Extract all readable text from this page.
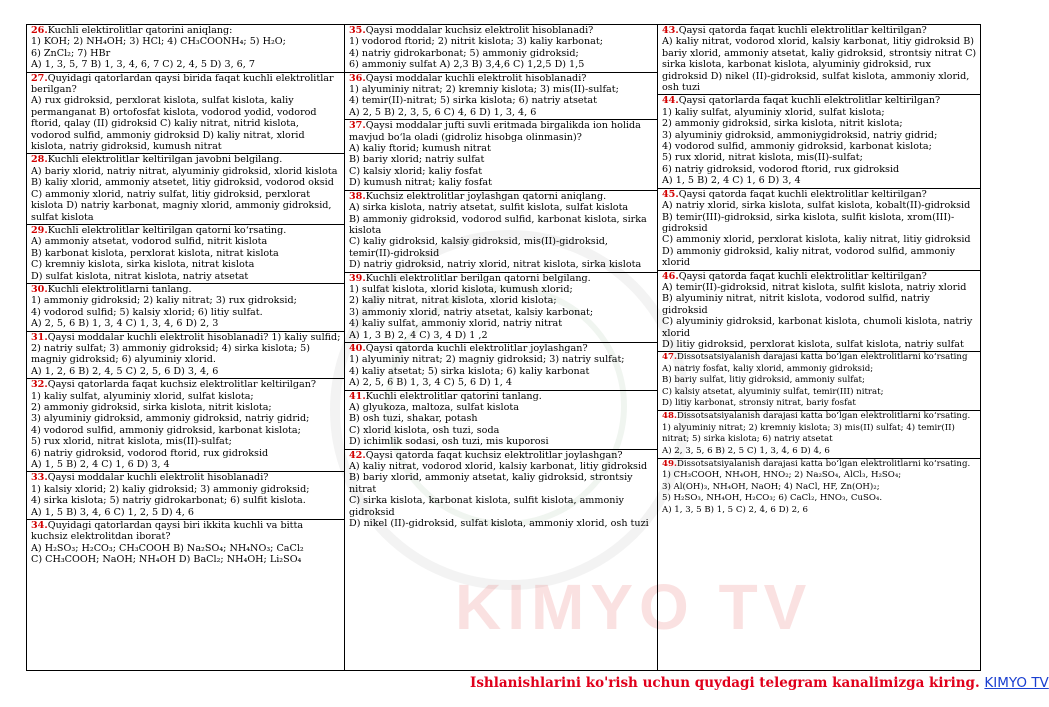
KIMYO TV
26.Kuchli elektirolitlar qatorini aniqlang:
1) KOH; 2) NH₄OH; 3) HCl; 4) CH₃COONH₄; 5) H₂O;
6) ZnCl₂; 7) HBr
A) 1, 3, 5, 7 B) 1, 3, 4, 6, 7 C) 2, 4, 5 D) 3, 6, 7
27.Quyidagi qatorlardan qaysi birida faqat kuchli elektrolitlar berilgan?
A) rux gidroksid, perxlorat kislota, sulfat kislota, kaliy permanganat B) ortofosfat kislota, vodorod yodid, vodorod ftorid, qalay (II) gidroksid C) kaliy nitrat, nitrid kislota, vodorod sulfid, ammoniy gidroksid D) kaliy nitrat, xlorid kislota, natriy gidroksid, kumush nitrat
28.Kuchli elektrolitlar keltirilgan javobni belgilang.
A) bariy xlorid, natriy nitrat, alyuminiy gidroksid, xlorid kislota B) kaliy xlorid, ammoniy atsetet, litiy gidroksid, vodorod oksid C) ammoniy xlorid, natriy sulfat, litiy gidroksid, perxlorat kislota D) natriy karbonat, magniy xlorid, ammoniy gidroksid, sulfat kislota
29.Kuchli elektrolitlar keltirilgan qatorni ko‘rsating.
A) ammoniy atsetat, vodorod sulfid, nitrit kislota
B) karbonat kislota, perxlorat kislota, nitrat kislota
C) kremniy kislota, sirka kislota, nitrat kislota
D) sulfat kislota, nitrat kislota, natriy atsetat
30.Kuchli elektrolitlarni tanlang.
1) ammoniy gidroksid; 2) kaliy nitrat; 3) rux gidroksid;
4) vodorod sulfid; 5) kalsiy xlorid; 6) litiy sulfat.
A) 2, 5, 6 B) 1, 3, 4 C) 1, 3, 4, 6 D) 2, 3
31.Qaysi moddalar kuchli elektrolit hisoblanadi? 1) kaliy sulfid; 2) natriy sulfat; 3) ammoniy gidroksid; 4) sirka kislota; 5) magniy gidroksid; 6) alyuminiy xlorid.
A) 1, 2, 6 B) 2, 4, 5 C) 2, 5, 6 D) 3, 4, 6
32.Qaysi qatorlarda faqat kuchsiz elektrolitlar keltirilgan?
1) kaliy sulfat, alyuminiy xlorid, sulfat kislota;
2) ammoniy gidroksid, sirka kislota, nitrit kislota;
3) alyuminiy gidroksid, ammoniy gidroksid, natriy gidrid;
4) vodorod sulfid, ammoniy gidroksid, karbonat kislota;
5) rux xlorid, nitrat kislota, mis(II)-sulfat;
6) natriy gidroksid, vodorod ftorid, rux gidroksid
A) 1, 5 B) 2, 4 C) 1, 6 D) 3, 4
33.Qaysi moddalar kuchli elektrolit hisoblanadi?
1) kalsiy xlorid; 2) kaliy gidroksid; 3) ammoniy gidroksid;
4) sirka kislota; 5) natriy gidrokarbonat; 6) sulfit kislota.
A) 1, 5 B) 3, 4, 6 C) 1, 2, 5 D) 4, 6
34.Quyidagi qatorlardan qaysi biri ikkita kuchli va bitta kuchsiz elektrolitdan iborat?
A) H₂SO₃; H₂CO₃; CH₃COOH B) Na₂SO₄; NH₄NO₃; CaCl₂
C) CH₃COOH; NaOH; NH₄OH D) BaCl₂; NH₄OH; Li₂SO₄
35.Qaysi moddalar kuchsiz elektrolit hisoblanadi?
1) vodorod ftorid; 2) nitrit kislota; 3) kaliy karbonat;
4) natriy gidrokarbonat; 5) ammoniy gidroksid;
6) ammoniy sulfat A) 2,3 B) 3,4,6 C) 1,2,5 D) 1,5
36.Qaysi moddalar kuchli elektrolit hisoblanadi?
1) alyuminiy nitrat; 2) kremniy kislota; 3) mis(II)-sulfat;
4) temir(II)-nitrat; 5) sirka kislota; 6) natriy atsetat
A) 2, 5 B) 2, 3, 5, 6 C) 4, 6 D) 1, 3, 4, 6
37.Qaysi moddalar jufti suvli eritmada birgalikda ion holida mavjud bo‘la oladi (gidroliz hisobga olinmasin)?
A) kaliy ftorid; kumush nitrat
B) bariy xlorid; natriy sulfat
C) kalsiy xlorid; kaliy fosfat
D) kumush nitrat; kaliy fosfat
38.Kuchsiz elektrolitlar joylashgan qatorni aniqlang.
A) sirka kislota, natriy atsetat, sulfit kislota, sulfat kislota
B) ammoniy gidroksid, vodorod sulfid, karbonat kislota, sirka kislota
C) kaliy gidroksid, kalsiy gidroksid, mis(II)-gidroksid, temir(II)-gidroksid
D) natriy gidroksid, natriy xlorid, nitrat kislota, sirka kislota
39.Kuchli elektrolitlar berilgan qatorni belgilang.
1) sulfat kislota, xlorid kislota, kumush xlorid;
2) kaliy nitrat, nitrat kislota, xlorid kislota;
3) ammoniy xlorid, natriy atsetat, kalsiy karbonat;
4) kaliy sulfat, ammoniy xlorid, natriy nitrat
A) 1, 3 B) 2, 4 C) 3, 4 D) 1 ,2
40.Qaysi qatorda kuchli elektrolitlar joylashgan?
1) alyuminiy nitrat; 2) magniy gidroksid; 3) natriy sulfat;
4) kaliy atsetat; 5) sirka kislota; 6) kaliy karbonat
A) 2, 5, 6 B) 1, 3, 4 C) 5, 6 D) 1, 4
41.Kuchli elektrolitlar qatorini tanlang.
A) glyukoza, maltoza, sulfat kislota
B) osh tuzi, shakar, potash
C) xlorid kislota, osh tuzi, soda
D) ichimlik sodasi, osh tuzi, mis kuporosi
42.Qaysi qatorda faqat kuchsiz elektrolitlar joylashgan?
A) kaliy nitrat, vodorod xlorid, kalsiy karbonat, litiy gidroksid
B) bariy xlorid, ammoniy atsetat, kaliy gidroksid, strontsiy nitrat
C) sirka kislota, karbonat kislota, sulfit kislota, ammoniy gidroksid
D) nikel (II)-gidroksid, sulfat kislota, ammoniy xlorid, osh tuzi
43.Qaysi qatorda faqat kuchli elektrolitlar keltirilgan?
A) kaliy nitrat, vodorod xlorid, kalsiy karbonat, litiy gidroksid B) bariy xlorid, ammoniy atsetat, kaliy gidroksid, strontsiy nitrat C) sirka kislota, karbonat kislota, alyuminiy gidroksid, rux gidroksid D) nikel (II)-gidroksid, sulfat kislota, ammoniy xlorid, osh tuzi
44.Qaysi qatorlarda faqat kuchli elektrolitlar keltirilgan?
1) kaliy sulfat, alyuminiy xlorid, sulfat kislota;
2) ammoniy gidroksid, sirka kislota, nitrit kislota;
3) alyuminiy gidroksid, ammoniygidroksid, natriy gidrid;
4) vodorod sulfid, ammoniy gidroksid, karbonat kislota;
5) rux xlorid, nitrat kislota, mis(II)-sulfat;
6) natriy gidroksid, vodorod ftorid, rux gidroksid
A) 1, 5 B) 2, 4 C) 1, 6 D) 3, 4
45.Qaysi qatorda faqat kuchli elektrolitlar keltirilgan?
A) natriy xlorid, sirka kislota, sulfat kislota, kobalt(II)-gidroksid
B) temir(III)-gidroksid, sirka kislota, sulfit kislota, xrom(III)-gidroksid
C) ammoniy xlorid, perxlorat kislota, kaliy nitrat, litiy gidroksid
D) ammoniy gidroksid, kaliy nitrat, vodorod sulfid, ammoniy xlorid
46.Qaysi qatorda faqat kuchli elektrolitlar keltirilgan?
A) temir(II)-gidroksid, nitrat kislota, sulfit kislota, natriy xlorid B) alyuminiy nitrat, nitrit kislota, vodorod sulfid, natriy gidroksid
C) alyuminiy gidroksid, karbonat kislota, chumoli kislota, natriy xlorid
D) litiy gidroksid, perxlorat kislota, sulfat kislota, natriy sulfat
47.Dissotsatsiyalanish darajasi katta bo‘lgan elektrolitlarni ko‘rsating A) natriy fosfat, kaliy xlorid, ammoniy gidroksid;
B) bariy sulfat, litiy gidroksid, ammoniy sulfat;
C) kalsiy atsetat, alyuminiy sulfat, temir(III) nitrat;
D) litiy karbonat, stronsiy nitrat, bariy fosfat
48.Dissotsatsiyalanish darajasi katta bo‘lgan elektrolitlarni ko‘rsating. 1) alyuminiy nitrat; 2) kremniy kislota; 3) mis(II) sulfat; 4) temir(II) nitrat; 5) sirka kislota; 6) natriy atsetat
A) 2, 3, 5, 6 B) 2, 5 C) 1, 3, 4, 6 D) 4, 6
49.Dissotsatsiyalanish darajasi katta bo‘lgan elektrolitlarni ko‘rsating.
1) CH₃COOH, NH₄OH, HNO₂; 2) Na₂SO₄, AlCl₃, H₂SO₄;
3) Al(OH)₃, NH₄OH, NaOH; 4) NaCl, HF, Zn(OH)₂;
5) H₂SO₃, NH₄OH, H₂CO₃; 6) CaCl₂, HNO₃, CuSO₄.
A) 1, 3, 5 B) 1, 5 C) 2, 4, 6 D) 2, 6
Ishlanishlarini ko'rish uchun quydagi telegram kanalimizga kiring. KIMYO TV
